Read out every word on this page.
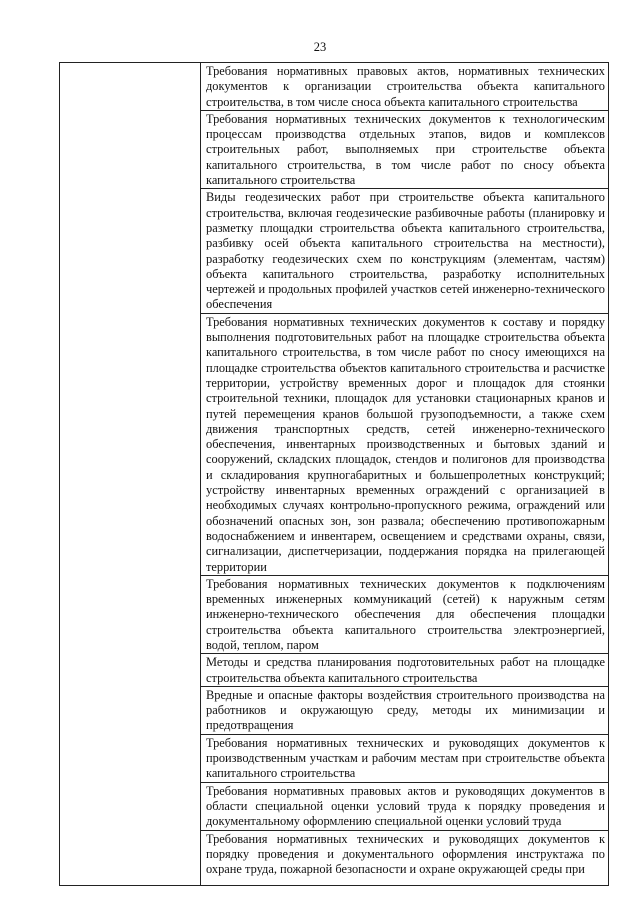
23

Требования нормативных правовых актов, нормативных технических документов к организации строительства объекта капитального строительства, в том числе сноса объекта капитального строительства

Требования нормативных технических документов к технологическим процессам производства отдельных этапов, видов и комплексов строительных работ, выполняемых при строительстве объекта капитального строительства, в том числе работ по сносу объекта капитального строительства

Виды геодезических работ при строительстве объекта капитального строительства, включая геодезические разбивочные работы (планировку и разметку площадки строительства объекта капитального строительства, разбивку осей объекта капитального строительства на местности), разработку геодезических схем по конструкциям (элементам, частям) объекта капитального строительства, разработку исполнительных чертежей и продольных профилей участков сетей инженерно-технического обеспечения

Требования нормативных технических документов к составу и порядку выполнения подготовительных работ на площадке строительства объекта капитального строительства, в том числе работ по сносу имеющихся на площадке строительства объектов капитального строительства и расчистке территории, устройству временных дорог и площадок для стоянки строительной техники, площадок для установки стационарных кранов и путей перемещения кранов большой грузоподъемности, а также схем движения транспортных средств, сетей инженерно-технического обеспечения, инвентарных производственных и бытовых зданий и сооружений, складских площадок, стендов и полигонов для производства и складирования крупногабаритных и большепролетных конструкций; устройству инвентарных временных ограждений с организацией в необходимых случаях контрольно-пропускного режима, ограждений или обозначений опасных зон, зон развала; обеспечению противопожарным водоснабжением и инвентарем, освещением и средствами охраны, связи, сигнализации, диспетчеризации, поддержания порядка на прилегающей территории

Требования нормативных технических документов к подключениям временных инженерных коммуникаций (сетей) к наружным сетям инженерно-технического обеспечения для обеспечения площадки строительства объекта капитального строительства электроэнергией, водой, теплом, паром

Методы и средства планирования подготовительных работ на площадке строительства объекта капитального строительства

Вредные и опасные факторы воздействия строительного производства на работников и окружающую среду, методы их минимизации и предотвращения

Требования нормативных технических и руководящих документов к производственным участкам и рабочим местам при строительстве объекта капитального строительства

Требования нормативных правовых актов и руководящих документов в области специальной оценки условий труда к порядку проведения и документальному оформлению специальной оценки условий труда

Требования нормативных технических и руководящих документов к порядку проведения и документального оформления инструктажа по охране труда, пожарной безопасности и охране окружающей среды при
